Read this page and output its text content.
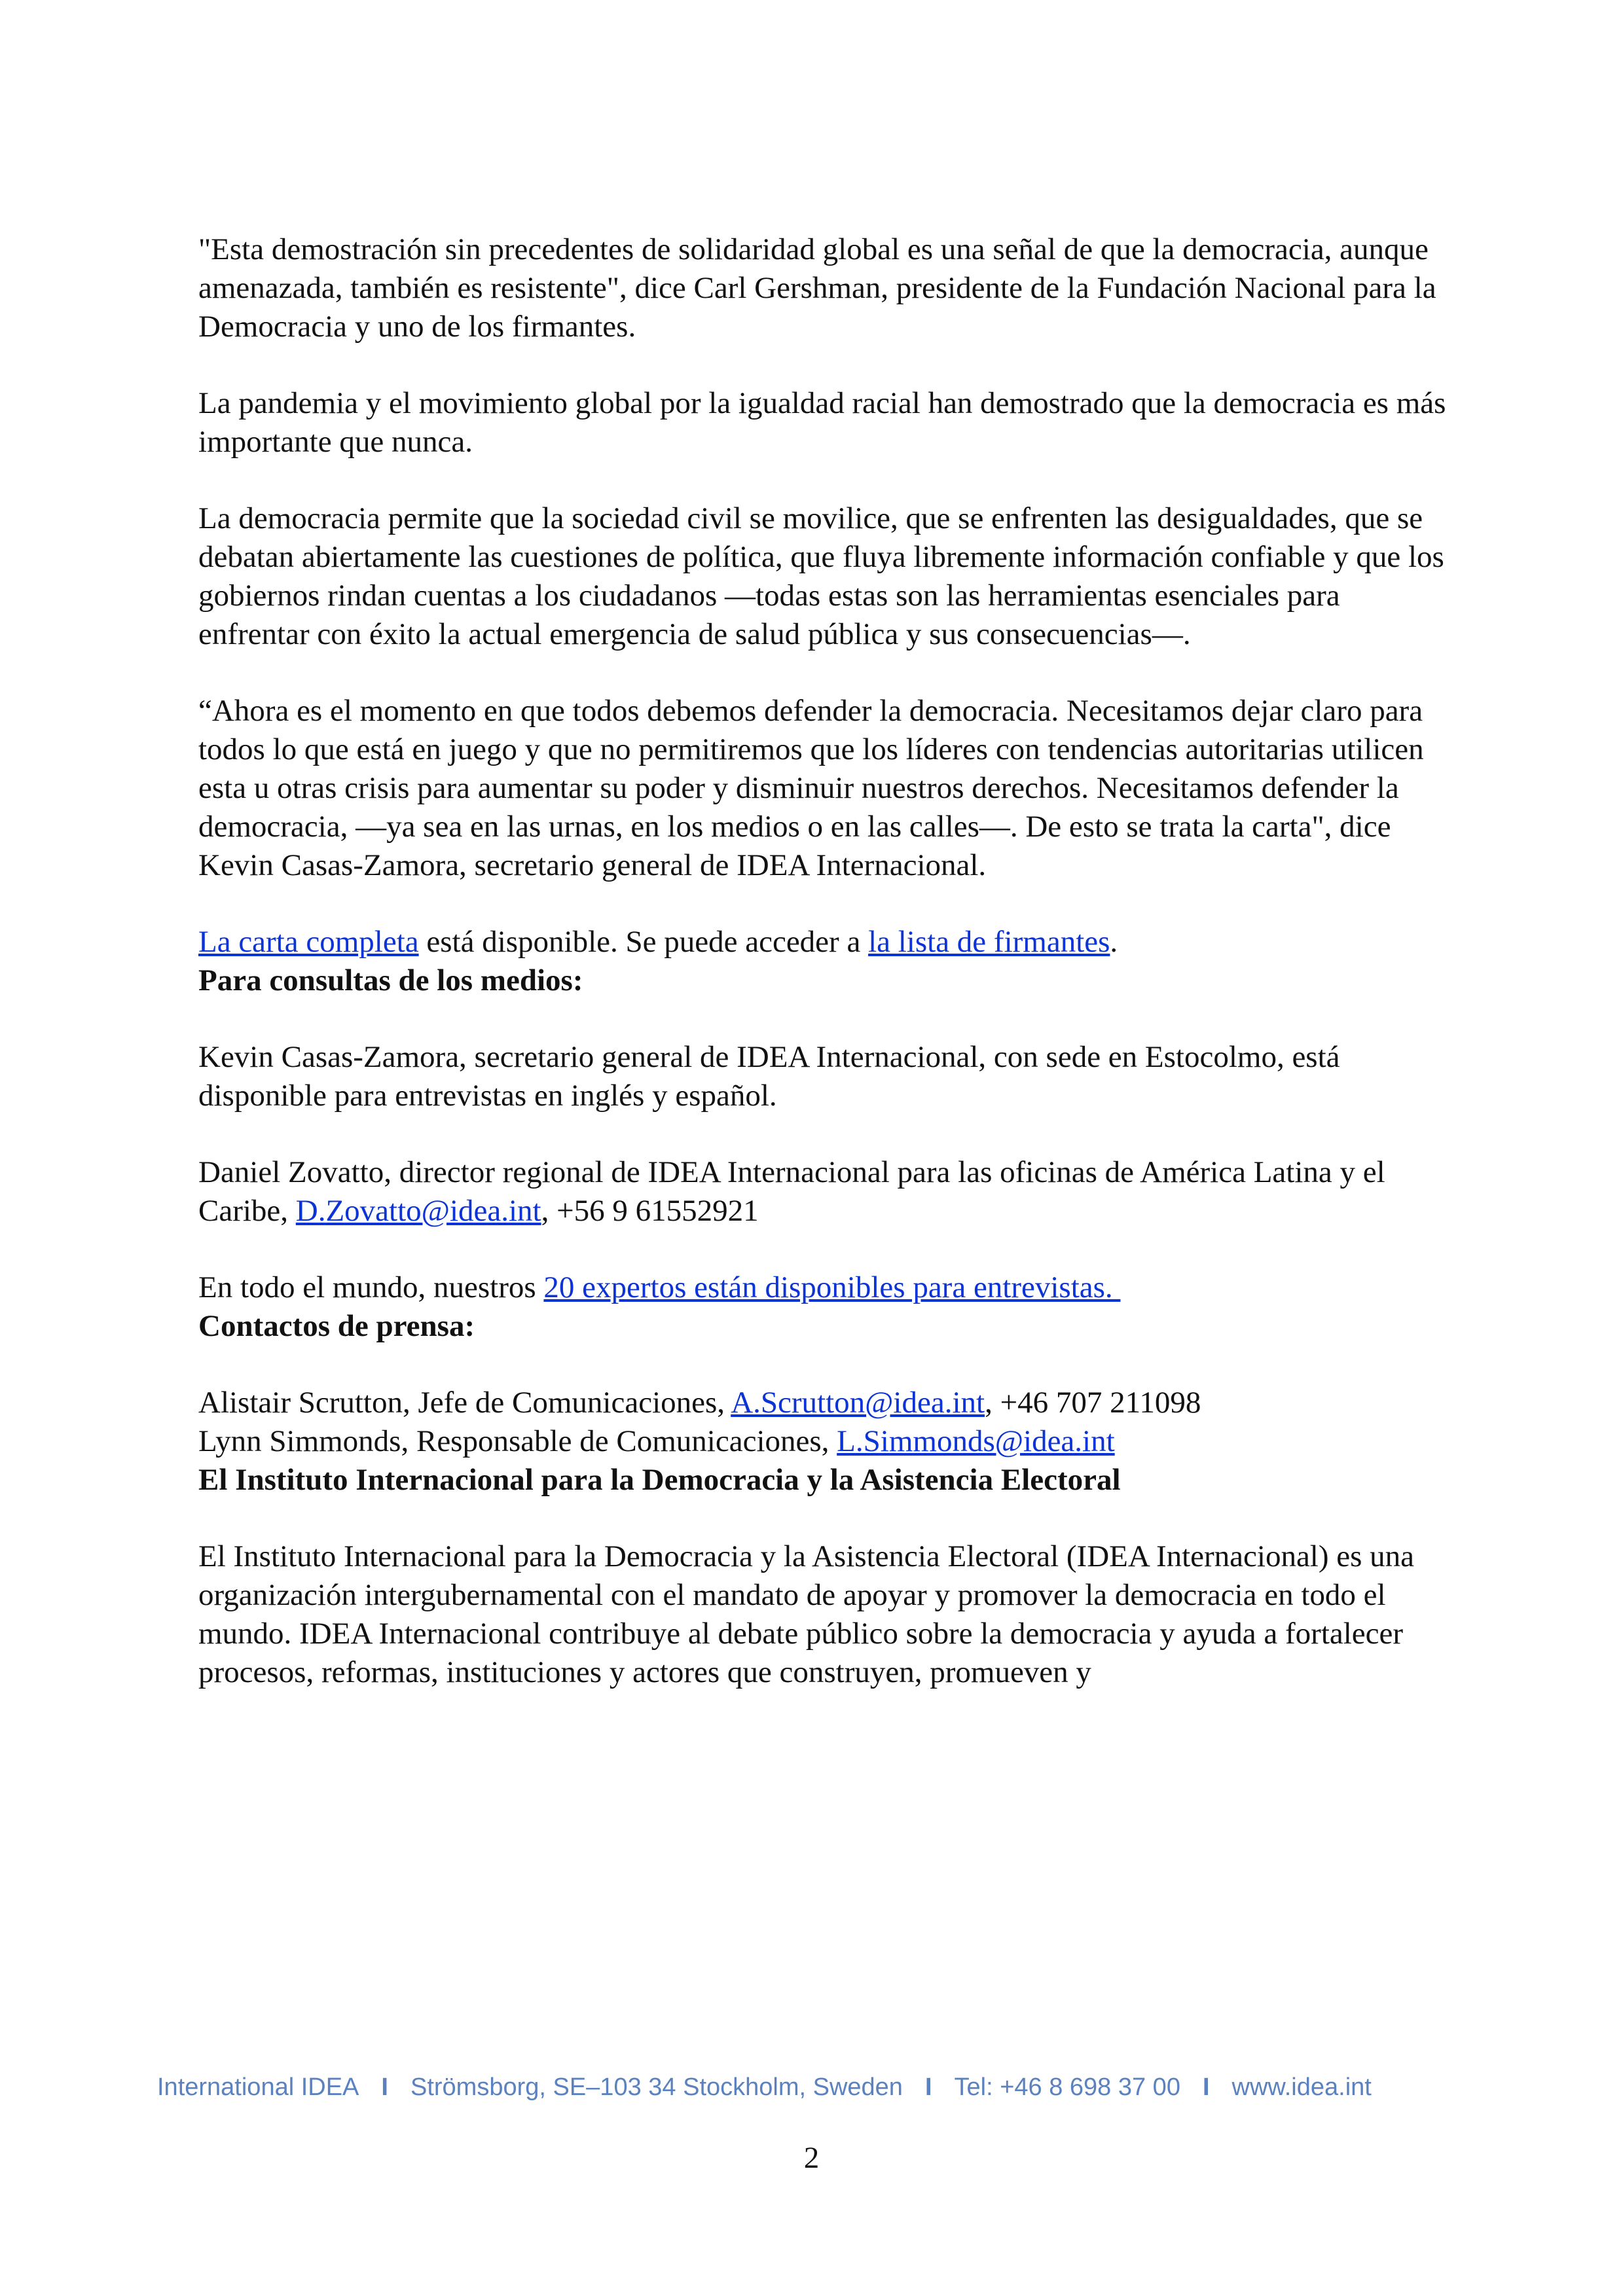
"Esta demostración sin precedentes de solidaridad global es una señal de que la democracia, aunque amenazada, también es resistente", dice Carl Gershman, presidente de la Fundación Nacional para la Democracia y uno de los firmantes.

La pandemia y el movimiento global por la igualdad racial han demostrado que la democracia es más importante que nunca.

La democracia permite que la sociedad civil se movilice, que se enfrenten las desigualdades, que se debatan abiertamente las cuestiones de política, que fluya libremente información confiable y que los gobiernos rindan cuentas a los ciudadanos —todas estas son las herramientas esenciales para enfrentar con éxito la actual emergencia de salud pública y sus consecuencias—.

“Ahora es el momento en que todos debemos defender la democracia. Necesitamos dejar claro para todos lo que está en juego y que no permitiremos que los líderes con tendencias autoritarias utilicen esta u otras crisis para aumentar su poder y disminuir nuestros derechos. Necesitamos defender la democracia, —ya sea en las urnas, en los medios o en las calles—. De esto se trata la carta", dice Kevin Casas-Zamora, secretario general de IDEA Internacional.

La carta completa está disponible. Se puede acceder a la lista de firmantes.

Para consultas de los medios:

Kevin Casas-Zamora, secretario general de IDEA Internacional, con sede en Estocolmo, está disponible para entrevistas en inglés y español.

Daniel Zovatto, director regional de IDEA Internacional para las oficinas de América Latina y el Caribe, D.Zovatto@idea.int, +56 9 61552921

En todo el mundo, nuestros 20 expertos están disponibles para entrevistas.

Contactos de prensa:

Alistair Scrutton, Jefe de Comunicaciones, A.Scrutton@idea.int, +46 707 211098
Lynn Simmonds, Responsable de Comunicaciones, L.Simmonds@idea.int

El Instituto Internacional para la Democracia y la Asistencia Electoral

El Instituto Internacional para la Democracia y la Asistencia Electoral (IDEA Internacional) es una organización intergubernamental con el mandato de apoyar y promover la democracia en todo el mundo. IDEA Internacional contribuye al debate público sobre la democracia y ayuda a fortalecer procesos, reformas, instituciones y actores que construyen, promueven y

International IDEA I Strömsborg, SE–103 34 Stockholm, Sweden I Tel: +46 8 698 37 00 I www.idea.int
2
